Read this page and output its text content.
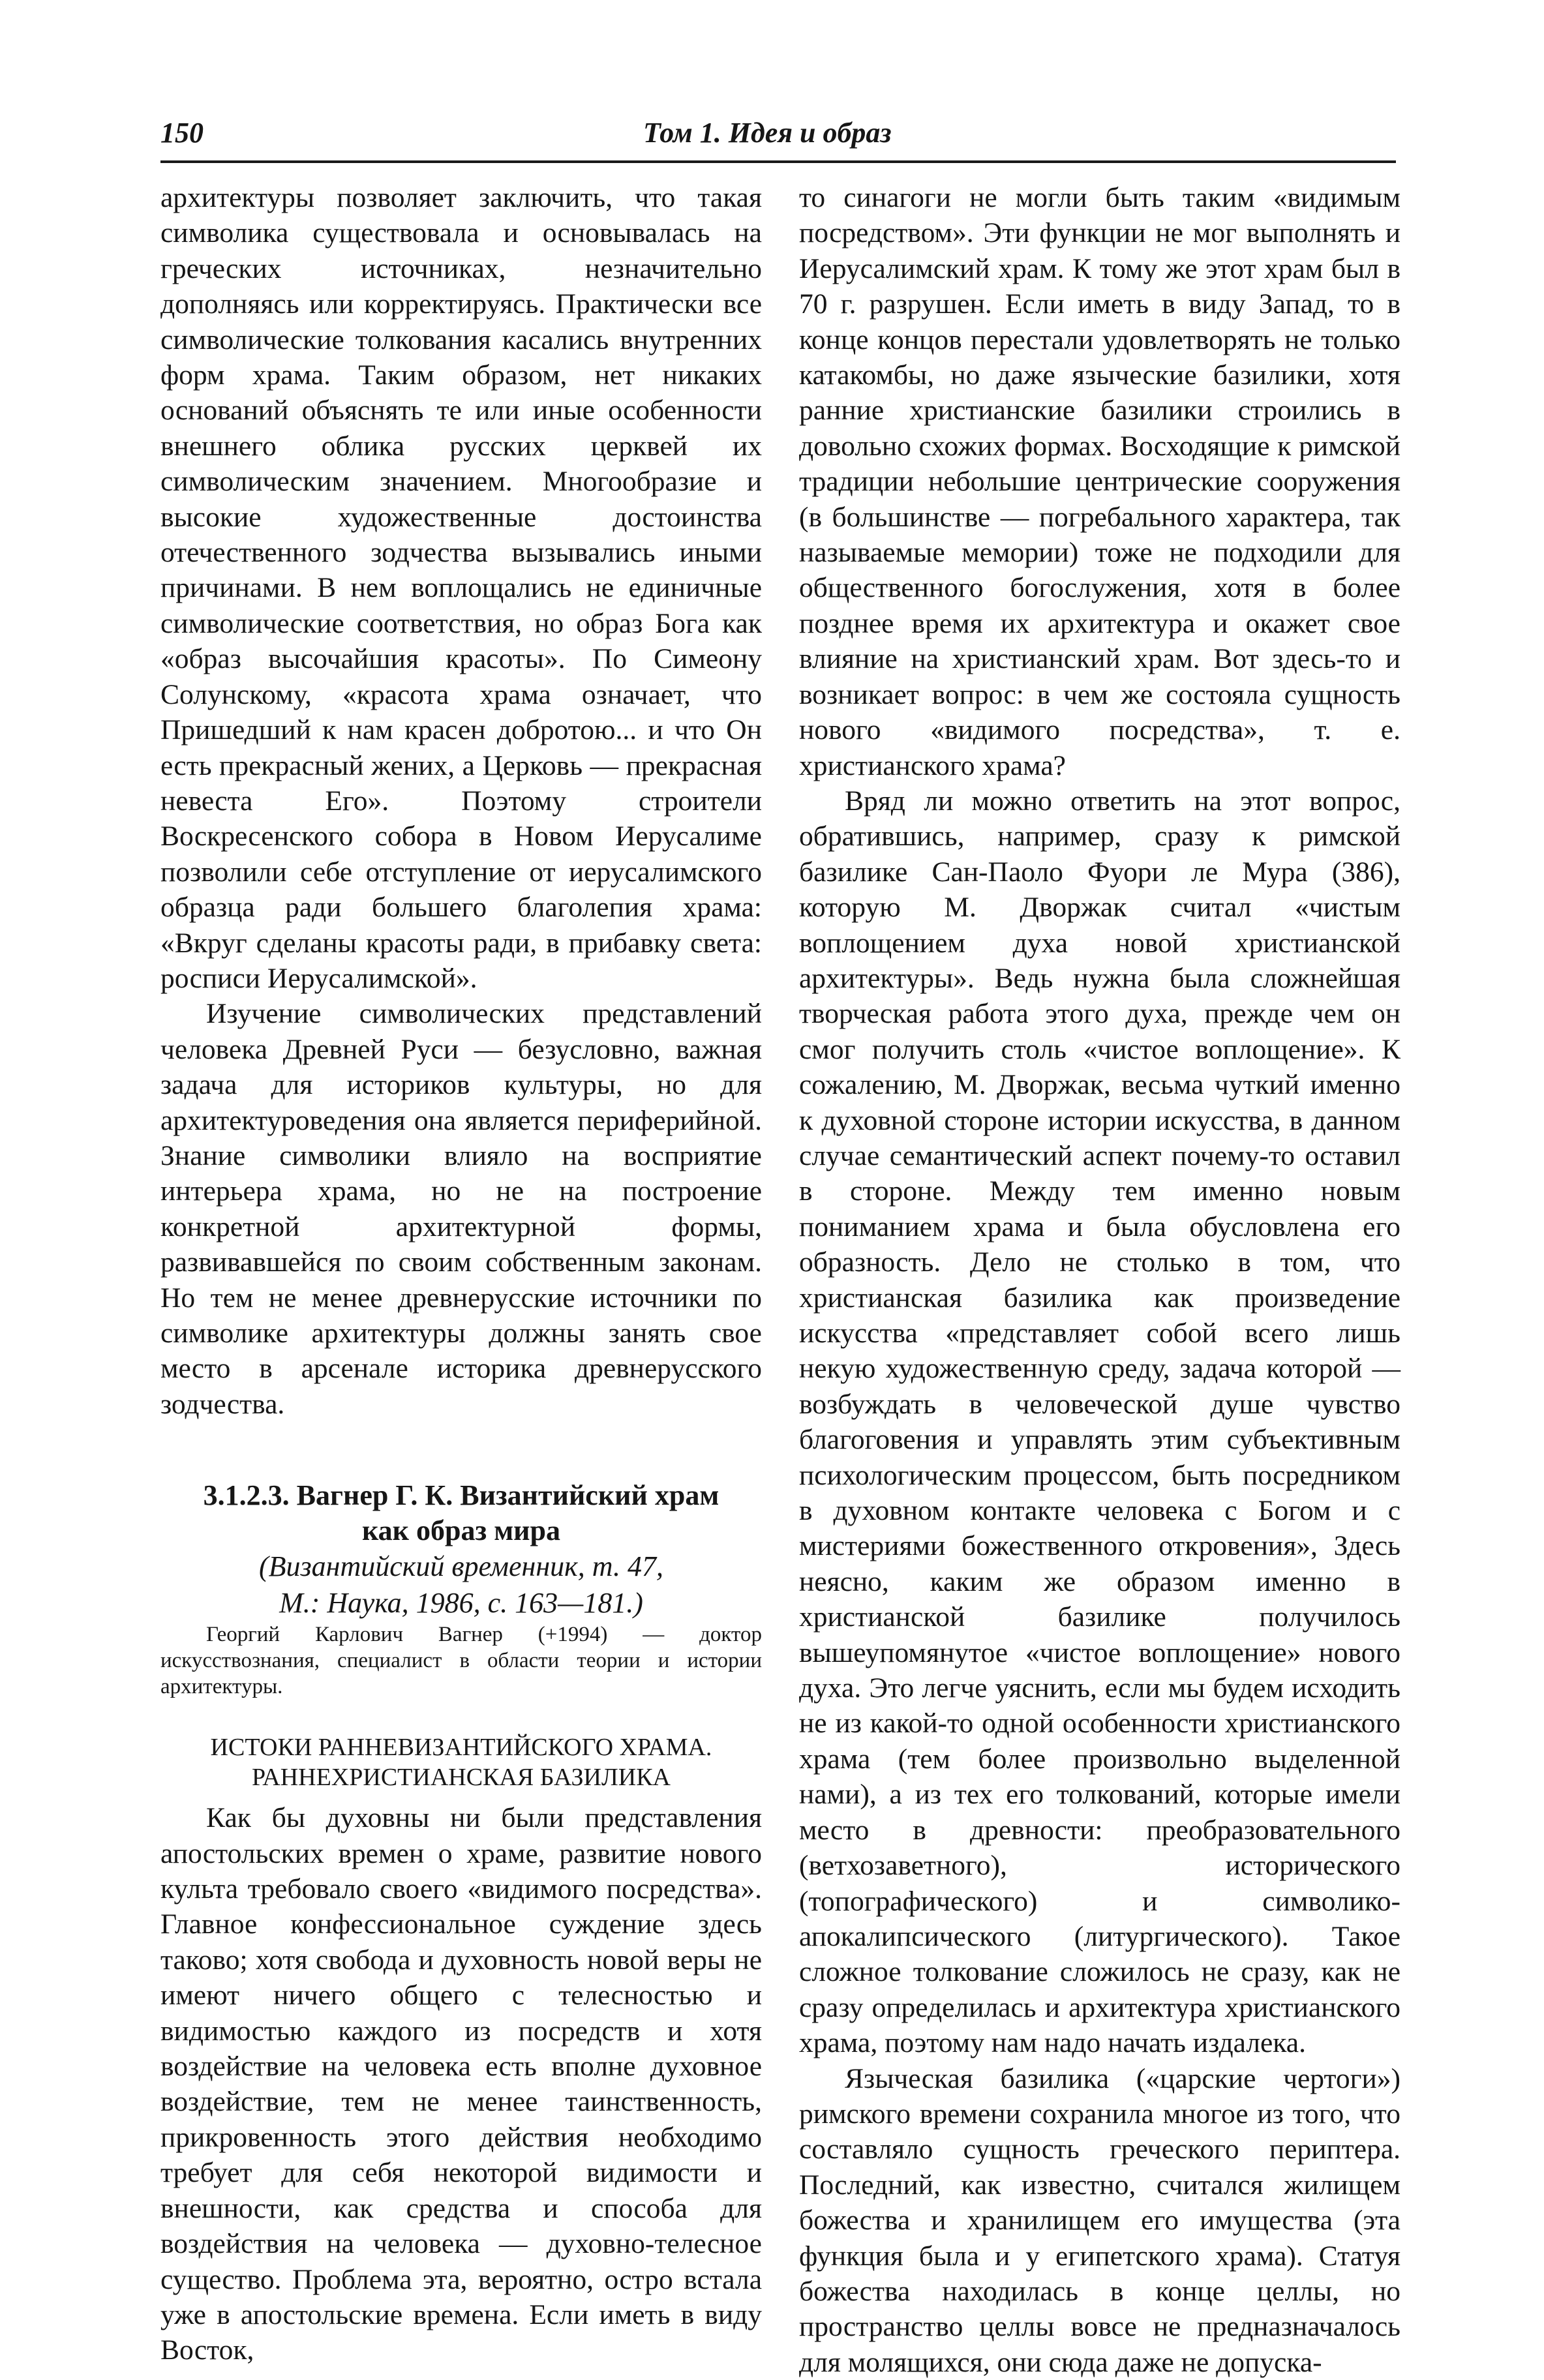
150	Том 1. Идея и образ

архитектуры позволяет заключить, что такая символика существовала и основывалась на греческих источниках, незначительно дополняясь или корректируясь. Практически все символические толкования касались внутренних форм храма. Таким образом, нет никаких оснований объяснять те или иные особенности внешнего облика русских церквей их символическим значением. Многообразие и высокие художественные достоинства отечественного зодчества вызывались иными причинами. В нем воплощались не единичные символические соответствия, но образ Бога как «образ высочайшия красоты». По Симеону Солунскому, «красота храма означает, что Пришедший к нам красен добротою... и что Он есть прекрасный жених, а Церковь — прекрасная невеста Его». Поэтому строители Воскресенского собора в Новом Иерусалиме позволили себе отступление от иерусалимского образца ради большего благолепия храма: «Вкруг сделаны красоты ради, в прибавку света: росписи Иерусалимской».

Изучение символических представлений человека Древней Руси — безусловно, важная задача для историков культуры, но для архитектуроведения она является периферийной. Знание символики влияло на восприятие интерьера храма, но не на построение конкретной архитектурной формы, развивавшейся по своим собственным законам. Но тем не менее древнерусские источники по символике архитектуры должны занять свое место в арсенале историка древнерусского зодчества.

3.1.2.3. Вагнер Г. К. Византийский храм
как образ мира
(Византийский временник, т. 47,
М.: Наука, 1986, с. 163—181.)

Георгий Карлович Вагнер (+1994) — доктор искусствознания, специалист в области теории и истории архитектуры.

ИСТОКИ РАННЕВИЗАНТИЙСКОГО ХРАМА.
РАННЕХРИСТИАНСКАЯ БАЗИЛИКА

Как бы духовны ни были представления апостольских времен о храме, развитие нового культа требовало своего «видимого посредства». Главное конфессиональное суждение здесь таково; хотя свобода и духовность новой веры не имеют ничего общего с телесностью и видимостью каждого из посредств и хотя воздействие на человека есть вполне духовное воздействие, тем не менее таинственность, прикровенность этого действия необходимо требует для себя некоторой видимости и внешности, как средства и способа для воздействия на человека — духовно-телесное существо. Проблема эта, вероятно, остро встала уже в апостольские времена. Если иметь в виду Восток,

то синагоги не могли быть таким «видимым посредством». Эти функции не мог выполнять и Иерусалимский храм. К тому же этот храм был в 70 г. разрушен. Если иметь в виду Запад, то в конце концов перестали удовлетворять не только катакомбы, но даже языческие базилики, хотя ранние христианские базилики строились в довольно схожих формах. Восходящие к римской традиции небольшие центрические сооружения (в большинстве — погребального характера, так называемые мемории) тоже не подходили для общественного богослужения, хотя в более позднее время их архитектура и окажет свое влияние на христианский храм. Вот здесь-то и возникает вопрос: в чем же состояла сущность нового «видимого посредства», т. е. христианского храма?

Вряд ли можно ответить на этот вопрос, обратившись, например, сразу к римской базилике Сан-Паоло Фуори ле Мура (386), которую М. Дворжак считал «чистым воплощением духа новой христианской архитектуры». Ведь нужна была сложнейшая творческая работа этого духа, прежде чем он смог получить столь «чистое воплощение». К сожалению, М. Дворжак, весьма чуткий именно к духовной стороне истории искусства, в данном случае семантический аспект почему-то оставил в стороне. Между тем именно новым пониманием храма и была обусловлена его образность. Дело не столько в том, что христианская базилика как произведение искусства «представляет собой всего лишь некую художественную среду, задача которой — возбуждать в человеческой душе чувство благоговения и управлять этим субъективным психологическим процессом, быть посредником в духовном контакте человека с Богом и с мистериями божественного откровения», Здесь неясно, каким же образом именно в христианской базилике получилось вышеупомянутое «чистое воплощение» нового духа. Это легче уяснить, если мы будем исходить не из какой-то одной особенности христианского храма (тем более произвольно выделенной нами), а из тех его толкований, которые имели место в древности: преобразовательного (ветхозаветного), исторического (топографического) и символико-апокалипсического (литургического). Такое сложное толкование сложилось не сразу, как не сразу определилась и архитектура христианского храма, поэтому нам надо начать издалека.

Языческая базилика («царские чертоги») римского времени сохранила многое из того, что составляло сущность греческого периптера. Последний, как известно, считался жилищем божества и хранилищем его имущества (эта функция была и у египетского храма). Статуя божества находилась в конце целлы, но пространство целлы вовсе не предназначалось для молящихся, они сюда даже не допуска-
